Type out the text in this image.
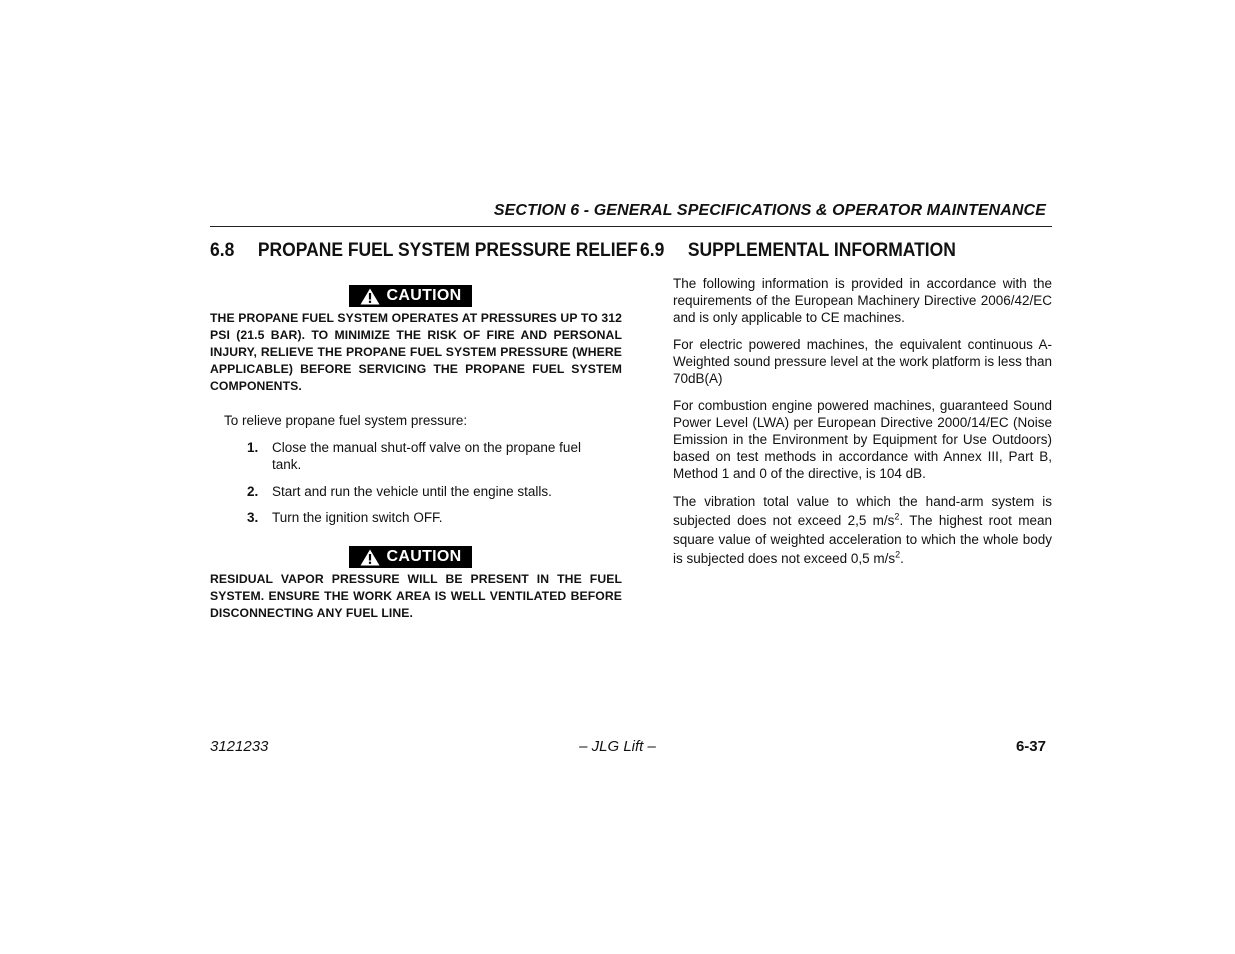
SECTION 6 - GENERAL SPECIFICATIONS & OPERATOR MAINTENANCE
6.8 PROPANE FUEL SYSTEM PRESSURE RELIEF 6.9 SUPPLEMENTAL INFORMATION
CAUTION
THE PROPANE FUEL SYSTEM OPERATES AT PRESSURES UP TO 312 PSI (21.5 BAR). TO MINIMIZE THE RISK OF FIRE AND PERSONAL INJURY, RELIEVE THE PROPANE FUEL SYSTEM PRESSURE (WHERE APPLICABLE) BEFORE SERVICING THE PROPANE FUEL SYSTEM COMPONENTS.
To relieve propane fuel system pressure:
1. Close the manual shut-off valve on the propane fuel tank.
2. Start and run the vehicle until the engine stalls.
3. Turn the ignition switch OFF.
CAUTION
RESIDUAL VAPOR PRESSURE WILL BE PRESENT IN THE FUEL SYSTEM. ENSURE THE WORK AREA IS WELL VENTILATED BEFORE DISCONNECTING ANY FUEL LINE.
The following information is provided in accordance with the requirements of the European Machinery Directive 2006/42/EC and is only applicable to CE machines.
For electric powered machines, the equivalent continuous A-Weighted sound pressure level at the work platform is less than 70dB(A)
For combustion engine powered machines, guaranteed Sound Power Level (LWA) per European Directive 2000/14/EC (Noise Emission in the Environment by Equipment for Use Outdoors) based on test methods in accordance with Annex III, Part B, Method 1 and 0 of the directive, is 104 dB.
The vibration total value to which the hand-arm system is subjected does not exceed 2,5 $m/s^2$. The highest root mean square value of weighted acceleration to which the whole body is subjected does not exceed 0,5 $m/s^2$.
– JLG Lift –
3121233	6-37
